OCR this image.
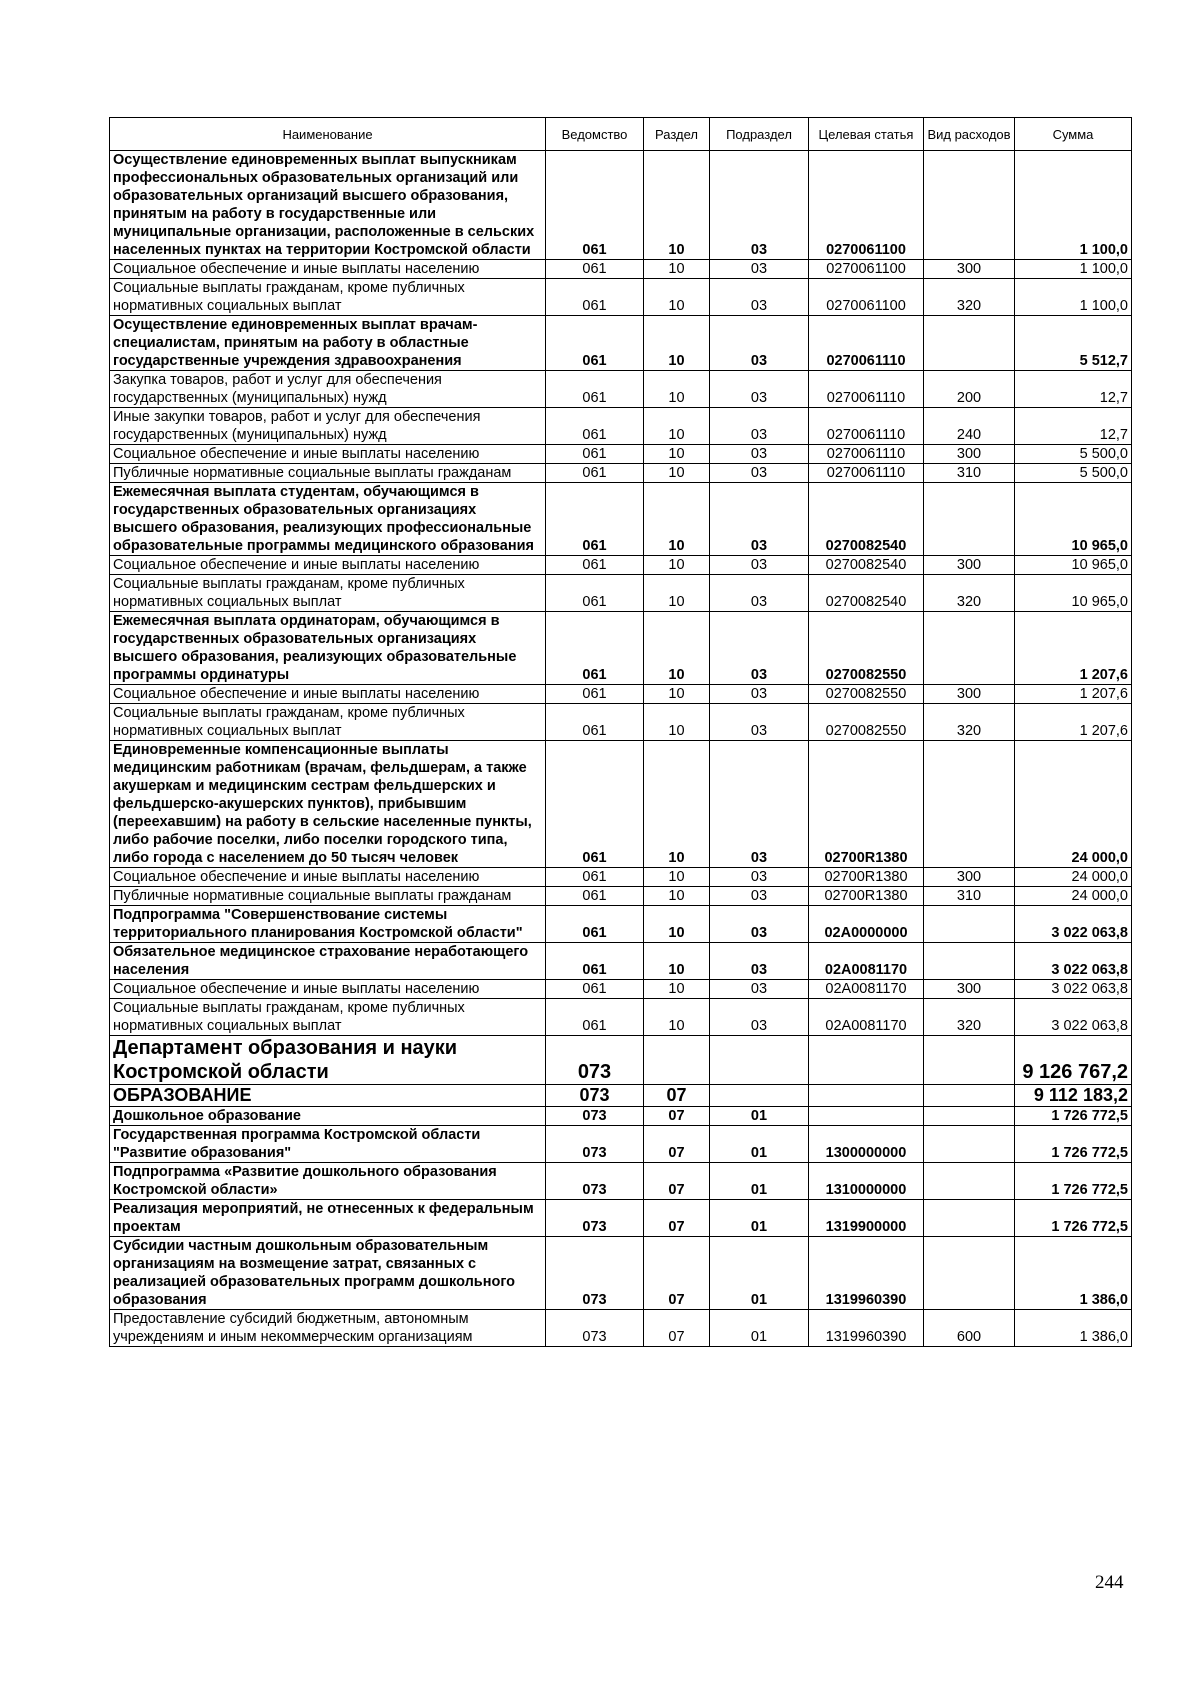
Наименование	Ведомство	Раздел	Подраздел	Целевая статья	Вид расходов	Сумма
Осуществление единовременных выплат выпускникам профессиональных образовательных организаций или образовательных организаций высшего образования, принятым на работу в государственные или муниципальные организации, расположенные в сельских населенных пунктах на территории Костромской области	061	10	03	0270061100		1 100,0
Социальное обеспечение и иные выплаты населению	061	10	03	0270061100	300	1 100,0
Социальные выплаты гражданам, кроме публичных нормативных социальных выплат	061	10	03	0270061100	320	1 100,0
Осуществление единовременных выплат врачам-специалистам, принятым на работу в областные государственные учреждения здравоохранения	061	10	03	0270061110		5 512,7
Закупка товаров, работ и услуг для обеспечения государственных (муниципальных) нужд	061	10	03	0270061110	200	12,7
Иные закупки товаров, работ и услуг для обеспечения государственных (муниципальных) нужд	061	10	03	0270061110	240	12,7
Социальное обеспечение и иные выплаты населению	061	10	03	0270061110	300	5 500,0
Публичные нормативные социальные выплаты гражданам	061	10	03	0270061110	310	5 500,0
Ежемесячная выплата студентам, обучающимся в государственных образовательных организациях высшего образования, реализующих профессиональные образовательные программы медицинского образования	061	10	03	0270082540		10 965,0
Социальное обеспечение и иные выплаты населению	061	10	03	0270082540	300	10 965,0
Социальные выплаты гражданам, кроме публичных нормативных социальных выплат	061	10	03	0270082540	320	10 965,0
Ежемесячная выплата ординаторам, обучающимся в государственных образовательных организациях высшего образования, реализующих образовательные программы ординатуры	061	10	03	0270082550		1 207,6
Социальное обеспечение и иные выплаты населению	061	10	03	0270082550	300	1 207,6
Социальные выплаты гражданам, кроме публичных нормативных социальных выплат	061	10	03	0270082550	320	1 207,6
Единовременные компенсационные выплаты медицинским работникам (врачам, фельдшерам, а также акушеркам и медицинским сестрам фельдшерских и фельдшерско-акушерских пунктов), прибывшим (переехавшим) на работу в сельские населенные пункты, либо рабочие поселки, либо поселки городского типа, либо города с населением до 50 тысяч человек	061	10	03	02700R1380		24 000,0
Социальное обеспечение и иные выплаты населению	061	10	03	02700R1380	300	24 000,0
Публичные нормативные социальные выплаты гражданам	061	10	03	02700R1380	310	24 000,0
Подпрограмма "Совершенствование системы территориального планирования Костромской области"	061	10	03	02А0000000		3 022 063,8
Обязательное медицинское страхование неработающего населения	061	10	03	02А0081170		3 022 063,8
Социальное обеспечение и иные выплаты населению	061	10	03	02А0081170	300	3 022 063,8
Социальные выплаты гражданам, кроме публичных нормативных социальных выплат	061	10	03	02А0081170	320	3 022 063,8
Департамент образования и науки Костромской области	073					9 126 767,2
ОБРАЗОВАНИЕ	073	07				9 112 183,2
Дошкольное образование	073	07	01			1 726 772,5
Государственная программа Костромской области "Развитие образования"	073	07	01	1300000000		1 726 772,5
Подпрограмма «Развитие дошкольного образования Костромской области»	073	07	01	1310000000		1 726 772,5
Реализация мероприятий, не отнесенных к федеральным проектам	073	07	01	1319900000		1 726 772,5
Субсидии частным дошкольным образовательным организациям на возмещение затрат, связанных с реализацией образовательных программ дошкольного образования	073	07	01	1319960390		1 386,0
Предоставление субсидий бюджетным, автономным учреждениям и иным некоммерческим организациям	073	07	01	1319960390	600	1 386,0
244
